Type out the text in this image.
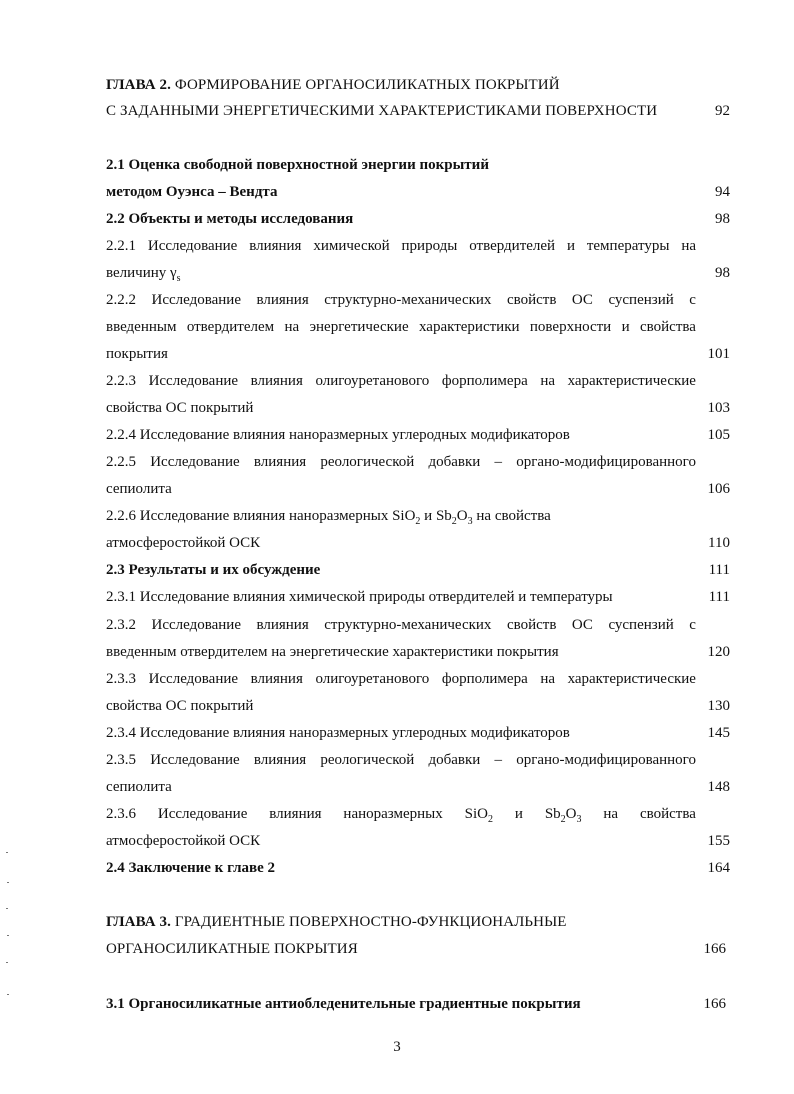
ГЛАВА 2. ФОРМИРОВАНИЕ ОРГАНОСИЛИКАТНЫХ ПОКРЫТИЙ
С ЗАДАННЫМИ ЭНЕРГЕТИЧЕСКИМИ ХАРАКТЕРИСТИКАМИ ПОВЕРХНОСТИ	92
2.1 Оценка свободной поверхностной энергии покрытий
методом Оуэнса – Вендта	94
2.2 Объекты и методы исследования	98
2.2.1 Исследование влияния химической природы отвердителей и температуры на
величину $\gamma_s$	98
2.2.2 Исследование влияния структурно-механических свойств ОС суспензий с
введенным отвердителем на энергетические характеристики поверхности и свойства
покрытия	101
2.2.3 Исследование влияния олигоуретанового форполимера на характеристические
свойства ОС покрытий	103
2.2.4 Исследование влияния наноразмерных углеродных модификаторов	105
2.2.5 Исследование влияния реологической добавки – органо-модифицированного
сепиолита	106
2.2.6 Исследование влияния наноразмерных SiO$_2$ и $Sb_2O_3$ на свойства
атмосферостойкой ОСК	110
2.3 Результаты и их обсуждение	111
2.3.1 Исследование влияния химической природы отвердителей и температуры	111
2.3.2 Исследование влияния структурно-механических свойств ОС суспензий с
введенным отвердителем на энергетические характеристики покрытия	120
2.3.3 Исследование влияния олигоуретанового форполимера на характеристические
свойства ОС покрытий	130
2.3.4 Исследование влияния наноразмерных углеродных модификаторов	145
2.3.5 Исследование влияния реологической добавки – органо-модифицированного
сепиолита	148
2.3.6 Исследование влияния наноразмерных SiO$_2$ и $Sb_2O_3$ на свойства
атмосферостойкой ОСК	155
2.4 Заключение к главе 2	164
ГЛАВА 3. ГРАДИЕНТНЫЕ ПОВЕРХНОСТНО-ФУНКЦИОНАЛЬНЫЕ
ОРГАНОСИЛИКАТНЫЕ ПОКРЫТИЯ	166
3.1 Органосиликатные антиобледенительные градиентные покрытия	166
3
